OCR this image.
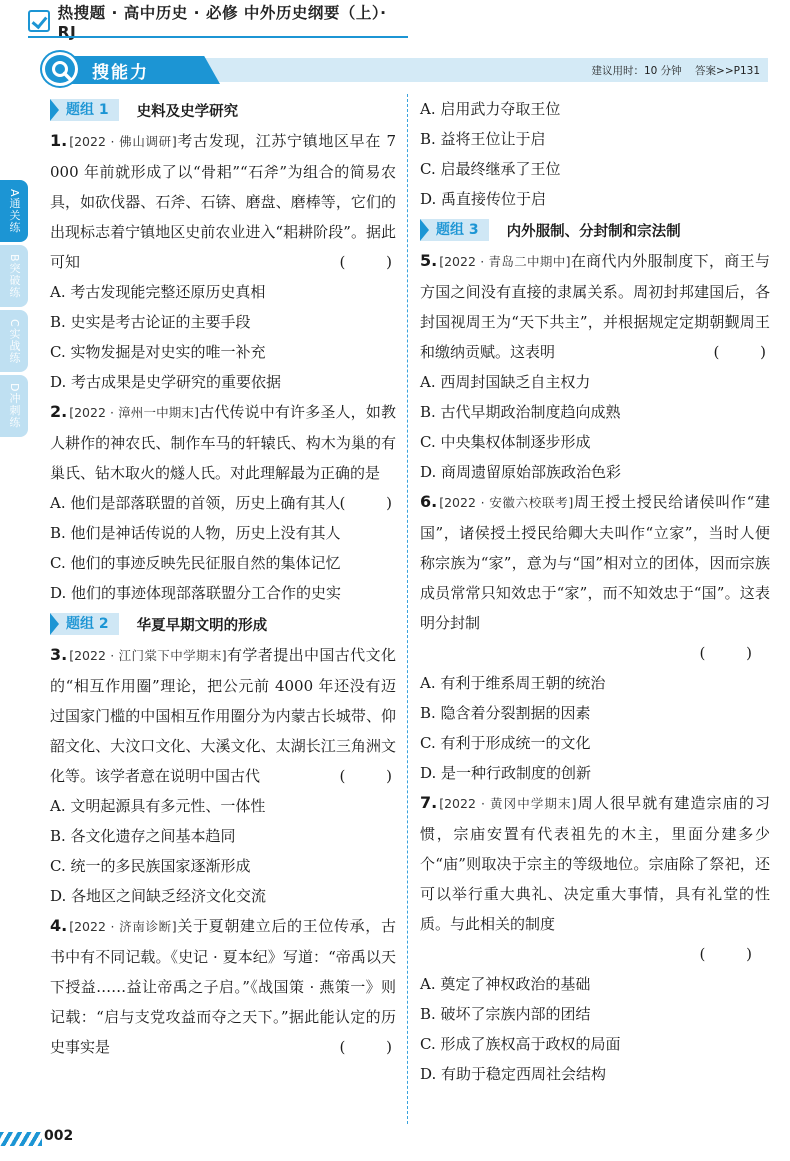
热搜题 · 高中历史 · 必修 中外历史纲要（上）· RJ
搜能力	建议用时：10 分钟 答案>>P131
A通关练
B突破练
C实战练
D冲刺练
题组 1	史料及史学研究
1. [2022 · 佛山调研]考古发现，江苏宁镇地区早在 7 000 年前就形成了以“骨耜”“石斧”为组合的简易农具，如砍伐器、石斧、石锛、磨盘、磨棒等，它们的出现标志着宁镇地区史前农业进入“耜耕阶段”。据此可知	( )
A. 考古发现能完整还原历史真相
B. 史实是考古论证的主要手段
C. 实物发掘是对史实的唯一补充
D. 考古成果是史学研究的重要依据
2. [2022 · 漳州一中期末]古代传说中有许多圣人，如教人耕作的神农氏、制作车马的轩辕氏、构木为巢的有巢氏、钻木取火的燧人氏。对此理解最为正确的是
( )
A. 他们是部落联盟的首领，历史上确有其人
B. 他们是神话传说的人物，历史上没有其人
C. 他们的事迹反映先民征服自然的集体记忆
D. 他们的事迹体现部落联盟分工合作的史实
题组 2	华夏早期文明的形成
3. [2022 · 江门棠下中学期末]有学者提出中国古代文化的“相互作用圈”理论，把公元前 4000 年还没有迈过国家门槛的中国相互作用圈分为内蒙古长城带、仰韶文化、大汶口文化、大溪文化、太湖长江三角洲文化等。该学者意在说明中国古代	( )
A. 文明起源具有多元性、一体性
B. 各文化遗存之间基本趋同
C. 统一的多民族国家逐渐形成
D. 各地区之间缺乏经济文化交流
4. [2022 · 济南诊断]关于夏朝建立后的王位传承，古书中有不同记载。《史记 · 夏本纪》写道：“帝禹以天下授益……益让帝禹之子启。”《战国策 · 燕策一》则记载：“启与支党攻益而夺之天下。”据此能认定的历史事实是	( )
A. 启用武力夺取王位
B. 益将王位让于启
C. 启最终继承了王位
D. 禹直接传位于启
题组 3	内外服制、分封制和宗法制
5. [2022 · 青岛二中期中]在商代内外服制度下，商王与方国之间没有直接的隶属关系。周初封邦建国后，各封国视周王为“天下共主”，并根据规定定期朝觐周王和缴纳贡赋。这表明	( )
A. 西周封国缺乏自主权力
B. 古代早期政治制度趋向成熟
C. 中央集权体制逐步形成
D. 商周遗留原始部族政治色彩
6. [2022 · 安徽六校联考]周王授土授民给诸侯叫作“建国”，诸侯授土授民给卿大夫叫作“立家”，当时人便称宗族为“家”，意为与“国”相对立的团体，因而宗族成员常常只知效忠于“家”，而不知效忠于“国”。这表明分封制
( )
A. 有利于维系周王朝的统治
B. 隐含着分裂割据的因素
C. 有利于形成统一的文化
D. 是一种行政制度的创新
7. [2022 · 黄冈中学期末]周人很早就有建造宗庙的习惯，宗庙安置有代表祖先的木主，里面分建多少个“庙”则取决于宗主的等级地位。宗庙除了祭祀，还可以举行重大典礼、决定重大事情，具有礼堂的性质。与此相关的制度
( )
A. 奠定了神权政治的基础
B. 破坏了宗族内部的团结
C. 形成了族权高于政权的局面
D. 有助于稳定西周社会结构
002
